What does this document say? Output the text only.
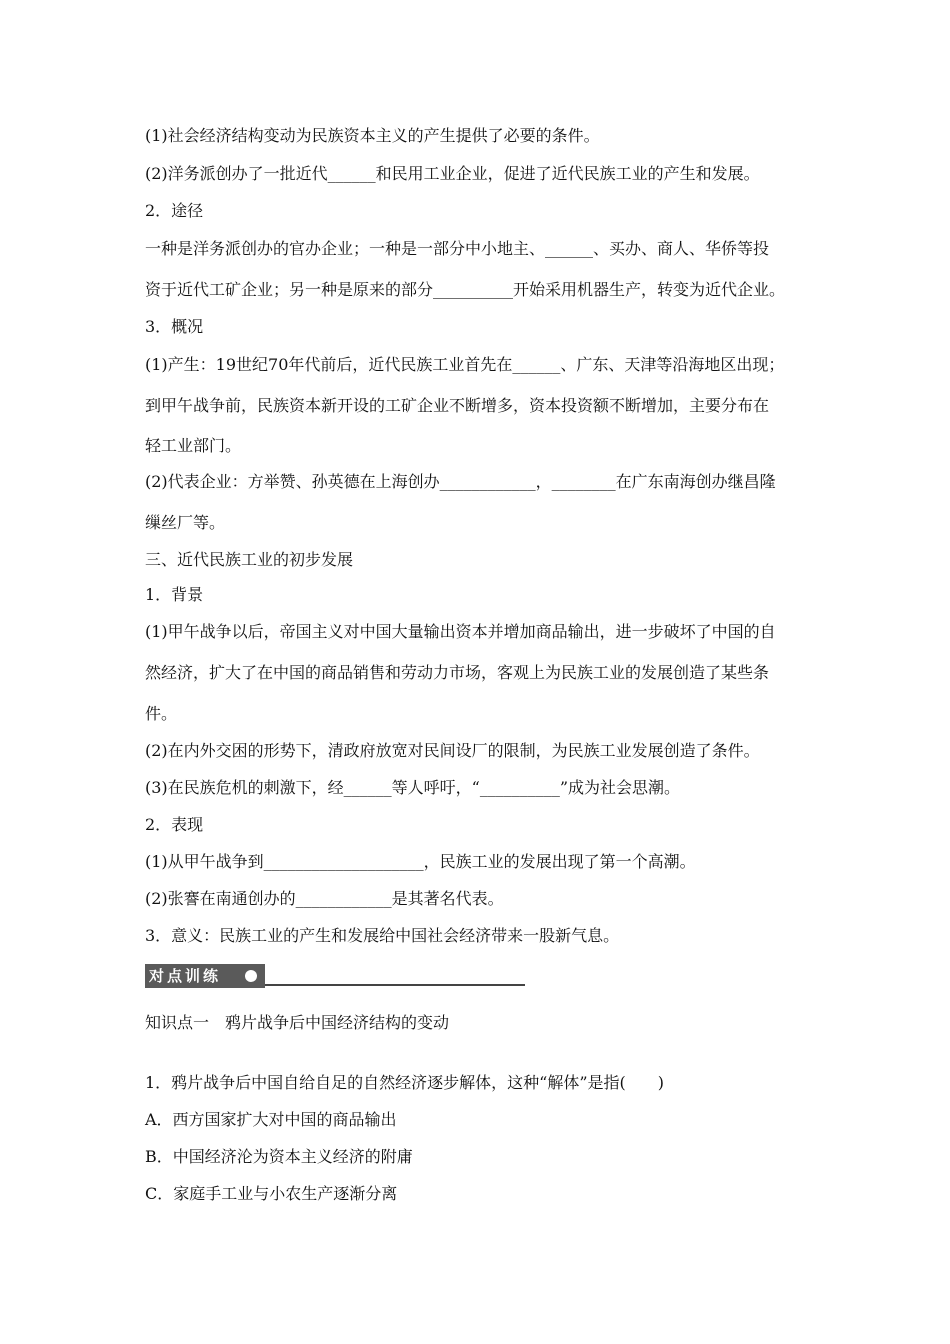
(1)社会经济结构变动为民族资本主义的产生提供了必要的条件。
(2)洋务派创办了一批近代______和民用工业企业，促进了近代民族工业的产生和发展。
2．途径
一种是洋务派创办的官办企业；一种是一部分中小地主、______、买办、商人、华侨等投
资于近代工矿企业；另一种是原来的部分__________开始采用机器生产，转变为近代企业。
3．概况
(1)产生：19世纪70年代前后，近代民族工业首先在______、广东、天津等沿海地区出现；
到甲午战争前，民族资本新开设的工矿企业不断增多，资本投资额不断增加，主要分布在
轻工业部门。
(2)代表企业：方举赞、孙英德在上海创办____________，________在广东南海创办继昌隆
缫丝厂等。
三、近代民族工业的初步发展
1．背景
(1)甲午战争以后，帝国主义对中国大量输出资本并增加商品输出，进一步破坏了中国的自
然经济，扩大了在中国的商品销售和劳动力市场，客观上为民族工业的发展创造了某些条
件。
(2)在内外交困的形势下，清政府放宽对民间设厂的限制，为民族工业发展创造了条件。
(3)在民族危机的刺激下，经______等人呼吁，“__________”成为社会思潮。
2．表现
(1)从甲午战争到____________________，民族工业的发展出现了第一个高潮。
(2)张謇在南通创办的____________是其著名代表。
3．意义：民族工业的产生和发展给中国社会经济带来一股新气息。
对点训练
知识点一　鸦片战争后中国经济结构的变动
1．鸦片战争后中国自给自足的自然经济逐步解体，这种“解体”是指(　　)
A．西方国家扩大对中国的商品输出
B．中国经济沦为资本主义经济的附庸
C．家庭手工业与小农生产逐渐分离
